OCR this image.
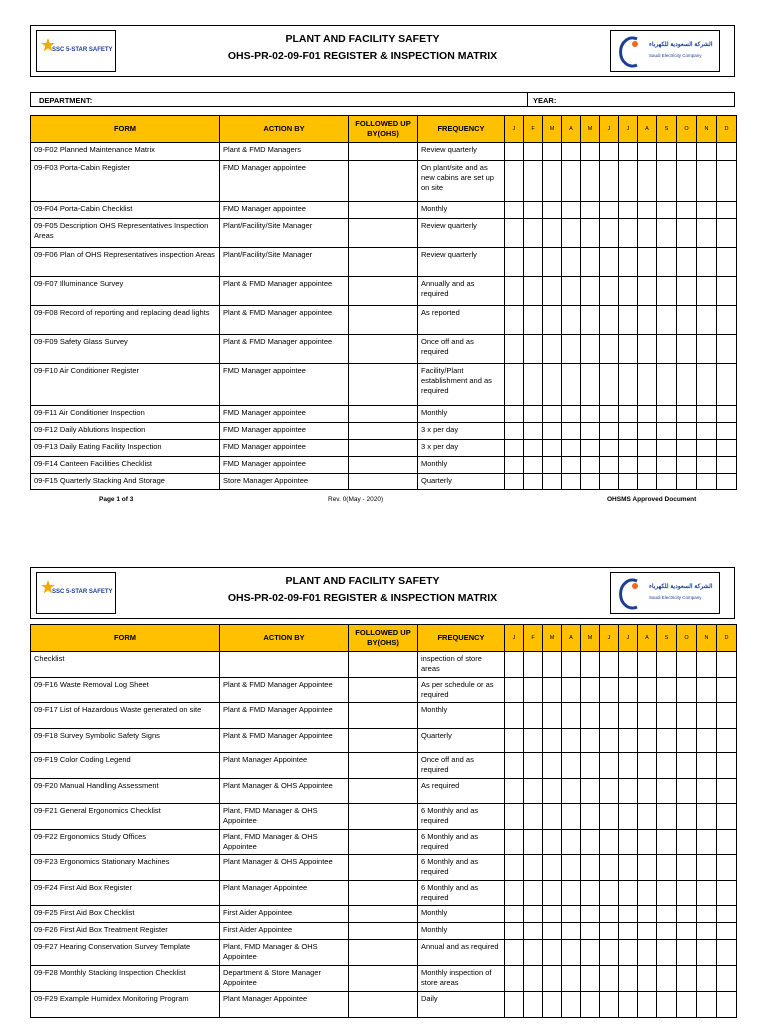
SSC 5-STAR SAFETY
PLANT AND FACILITY SAFETY
OHS-PR-02-09-F01 REGISTER & INSPECTION MATRIX
الشركة السعودية للكهرباء
Saudi Electricity Company
DEPARTMENT:	YEAR:
FORM	ACTION BY	FOLLOWED UP BY(OHS)	FREQUENCY	J	F	M	A	M	J	J	A	S	O	N	D
09-F02 Planned Maintenance Matrix	Plant & FMD Managers		Review quarterly												
09-F03 Porta-Cabin Register	FMD Manager appointee		On plant/site and as new cabins are set up on site												
09-F04 Porta-Cabin Checklist	FMD Manager appointee		Monthly												
09-F05 Description OHS Representatives Inspection Areas	Plant/Facility/Site Manager		Review quarterly												
09-F06 Plan of OHS Representatives inspection Areas	Plant/Facility/Site Manager		Review quarterly												
09-F07 Illuminance Survey	Plant & FMD Manager appointee		Annually and as required												
09-F08 Record of reporting and replacing dead lights	Plant & FMD Manager appointee		As reported												
09-F09 Safety Glass Survey	Plant & FMD Manager appointee		Once off and as required												
09-F10 Air Conditioner Register	FMD Manager appointee		Facility/Plant establishment and as required												
09-F11 Air Conditioner Inspection	FMD Manager appointee		Monthly												
09-F12 Daily Ablutions Inspection	FMD Manager appointee		3 x per day												
09-F13 Daily Eating Facility Inspection	FMD Manager appointee		3 x per day												
09-F14 Canteen Facilities Checklist	FMD Manager appointee		Monthly												
09-F15 Quarterly Stacking And Storage	Store Manager Appointee		Quarterly												
Page 1 of 3	Rev. 0(May - 2020)	OHSMS Approved Document
SSC 5-STAR SAFETY
PLANT AND FACILITY SAFETY
OHS-PR-02-09-F01 REGISTER & INSPECTION MATRIX
الشركة السعودية للكهرباء
Saudi Electricity Company
FORM	ACTION BY	FOLLOWED UP BY(OHS)	FREQUENCY	J	F	M	A	M	J	J	A	S	O	N	D
Checklist			inspection of store areas												
09-F16 Waste Removal Log Sheet	Plant & FMD Manager Appointee		As per schedule or as required												
09-F17 List of Hazardous Waste generated on site	Plant & FMD Manager Appointee		Monthly												
09-F18 Survey Symbolic Safety Signs	Plant & FMD Manager Appointee		Quarterly												
09-F19 Color Coding Legend	Plant Manager Appointee		Once off and as required												
09-F20 Manual Handling Assessment	Plant Manager & OHS Appointee		As required												
09-F21 General Ergonomics Checklist	Plant, FMD Manager & OHS Appointee		6 Monthly and as required												
09-F22 Ergonomics Study Offices	Plant, FMD Manager & OHS Appointee		6 Monthly and as required												
09-F23 Ergonomics Stationary Machines	Plant Manager & OHS Appointee		6 Monthly and as required												
09-F24 First Aid Box Register	Plant Manager Appointee		6 Monthly and as required												
09-F25 First Aid Box Checklist	First Aider Appointee		Monthly												
09-F26 First Aid Box Treatment Register	First Aider Appointee		Monthly												
09-F27 Hearing Conservation Survey Template	Plant, FMD Manager & OHS Appointee		Annual and as required												
09-F28 Monthly Stacking Inspection Checklist	Department & Store Manager Appointee		Monthly inspection of store areas												
09-F29 Example Humidex Monitoring Program	Plant Manager Appointee		Daily												
